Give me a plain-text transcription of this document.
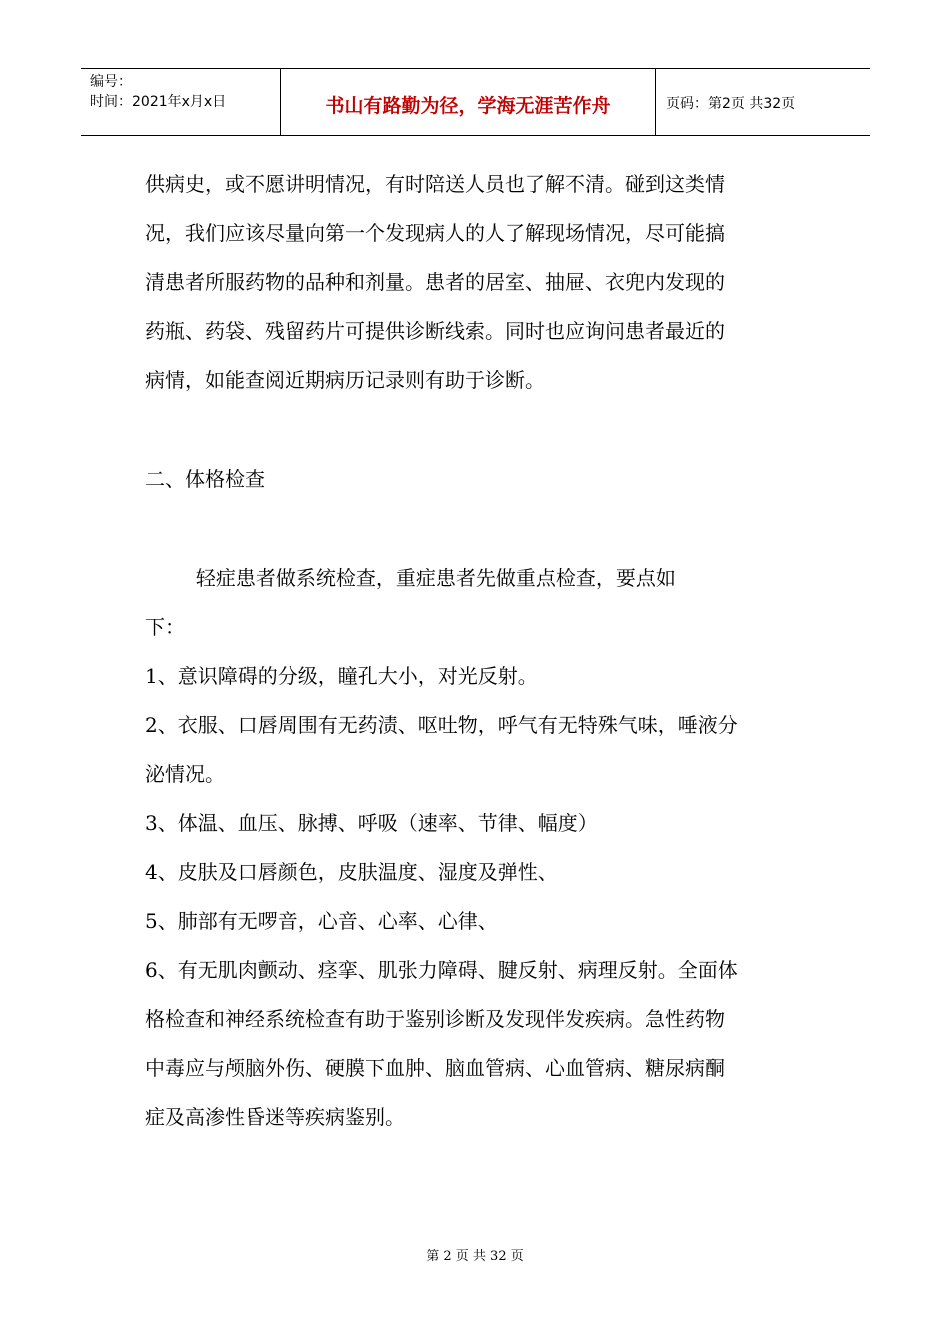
编号：
时间：2021年x月x日	书山有路勤为径，学海无涯苦作舟	页码：第2页 共32页

供病史，或不愿讲明情况，有时陪送人员也了解不清。碰到这类情

况，我们应该尽量向第一个发现病人的人了解现场情况，尽可能搞

清患者所服药物的品种和剂量。患者的居室、抽屉、衣兜内发现的

药瓶、药袋、残留药片可提供诊断线索。同时也应询问患者最近的

病情，如能查阅近期病历记录则有助于诊断。

二、体格检查

轻症患者做系统检查，重症患者先做重点检查，要点如

下：

1、意识障碍的分级，瞳孔大小，对光反射。

2、衣服、口唇周围有无药渍、呕吐物，呼气有无特殊气味，唾液分

泌情况。

3、体温、血压、脉搏、呼吸（速率、节律、幅度）

4、皮肤及口唇颜色，皮肤温度、湿度及弹性、

5、肺部有无啰音，心音、心率、心律、

6、有无肌肉颤动、痉挛、肌张力障碍、腱反射、病理反射。全面体

格检查和神经系统检查有助于鉴别诊断及发现伴发疾病。急性药物

中毒应与颅脑外伤、硬膜下血肿、脑血管病、心血管病、糖尿病酮

症及高渗性昏迷等疾病鉴别。

第 2 页 共 32 页
